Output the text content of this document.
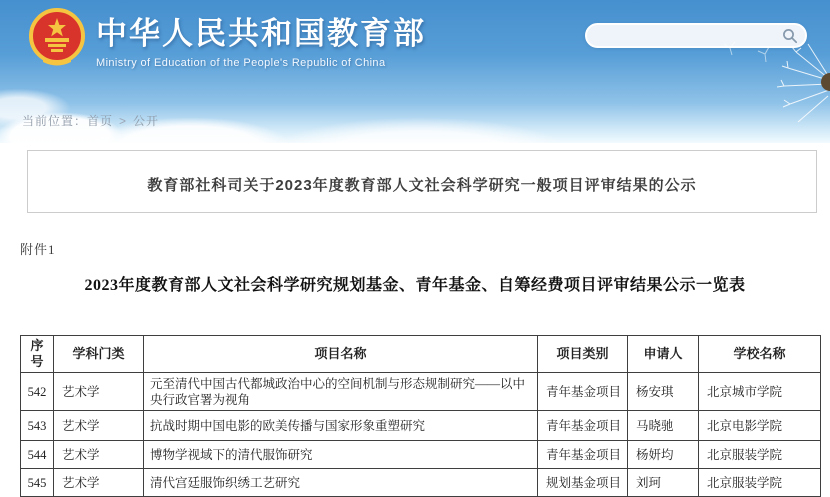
中华人民共和国教育部
Ministry of Education of the People's Republic of China
当前位置：首页 > 公开
教育部社科司关于2023年度教育部人文社会科学研究一般项目评审结果的公示
附件1
2023年度教育部人文社会科学研究规划基金、青年基金、自筹经费项目评审结果公示一览表
序号	学科门类	项目名称	项目类别	申请人	学校名称
542	艺术学	元至清代中国古代都城政治中心的空间机制与形态规制研究——以中央行政官署为视角	青年基金项目	杨安琪	北京城市学院
543	艺术学	抗战时期中国电影的欧美传播与国家形象重塑研究	青年基金项目	马晓驰	北京电影学院
544	艺术学	博物学视域下的清代服饰研究	青年基金项目	杨妍均	北京服装学院
545	艺术学	清代宫廷服饰织绣工艺研究	规划基金项目	刘珂	北京服装学院
